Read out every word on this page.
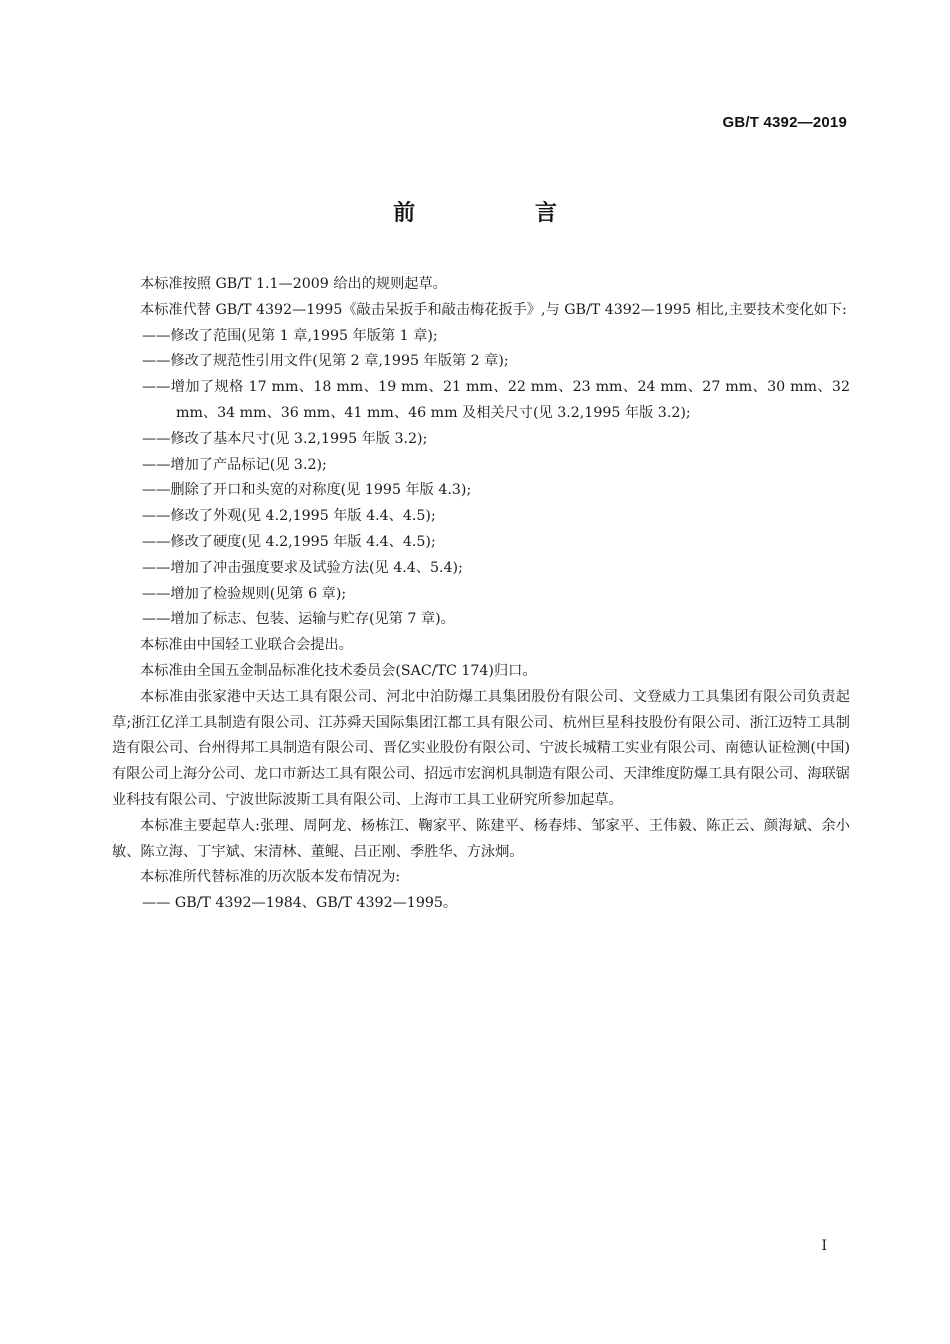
GB/T 4392—2019
前 言

本标准按照 GB/T 1.1—2009 给出的规则起草。

本标准代替 GB/T 4392—1995《敲击呆扳手和敲击梅花扳手》,与 GB/T 4392—1995 相比,主要技术变化如下:

——修改了范围(见第 1 章,1995 年版第 1 章);

——修改了规范性引用文件(见第 2 章,1995 年版第 2 章);

——增加了规格 17 mm、18 mm、19 mm、21 mm、22 mm、23 mm、24 mm、27 mm、30 mm、32 mm、34 mm、36 mm、41 mm、46 mm 及相关尺寸(见 3.2,1995 年版 3.2);

——修改了基本尺寸(见 3.2,1995 年版 3.2);

——增加了产品标记(见 3.2);

——删除了开口和头宽的对称度(见 1995 年版 4.3);

——修改了外观(见 4.2,1995 年版 4.4、4.5);

——修改了硬度(见 4.2,1995 年版 4.4、4.5);

——增加了冲击强度要求及试验方法(见 4.4、5.4);

——增加了检验规则(见第 6 章);

——增加了标志、包装、运输与贮存(见第 7 章)。

本标准由中国轻工业联合会提出。

本标准由全国五金制品标准化技术委员会(SAC/TC 174)归口。

本标准由张家港中天达工具有限公司、河北中泊防爆工具集团股份有限公司、文登威力工具集团有限公司负责起草;浙江亿洋工具制造有限公司、江苏舜天国际集团江都工具有限公司、杭州巨星科技股份有限公司、浙江迈特工具制造有限公司、台州得邦工具制造有限公司、晋亿实业股份有限公司、宁波长城精工实业有限公司、南德认证检测(中国)有限公司上海分公司、龙口市新达工具有限公司、招远市宏润机具制造有限公司、天津维度防爆工具有限公司、海联锯业科技有限公司、宁波世际波斯工具有限公司、上海市工具工业研究所参加起草。

本标准主要起草人:张理、周阿龙、杨栋江、鞠家平、陈建平、杨春炜、邹家平、王伟毅、陈正云、颜海斌、余小敏、陈立海、丁宇斌、宋清林、董鲲、吕正刚、季胜华、方泳炯。

本标准所代替标准的历次版本发布情况为:

—— GB/T 4392—1984、GB/T 4392—1995。

I
